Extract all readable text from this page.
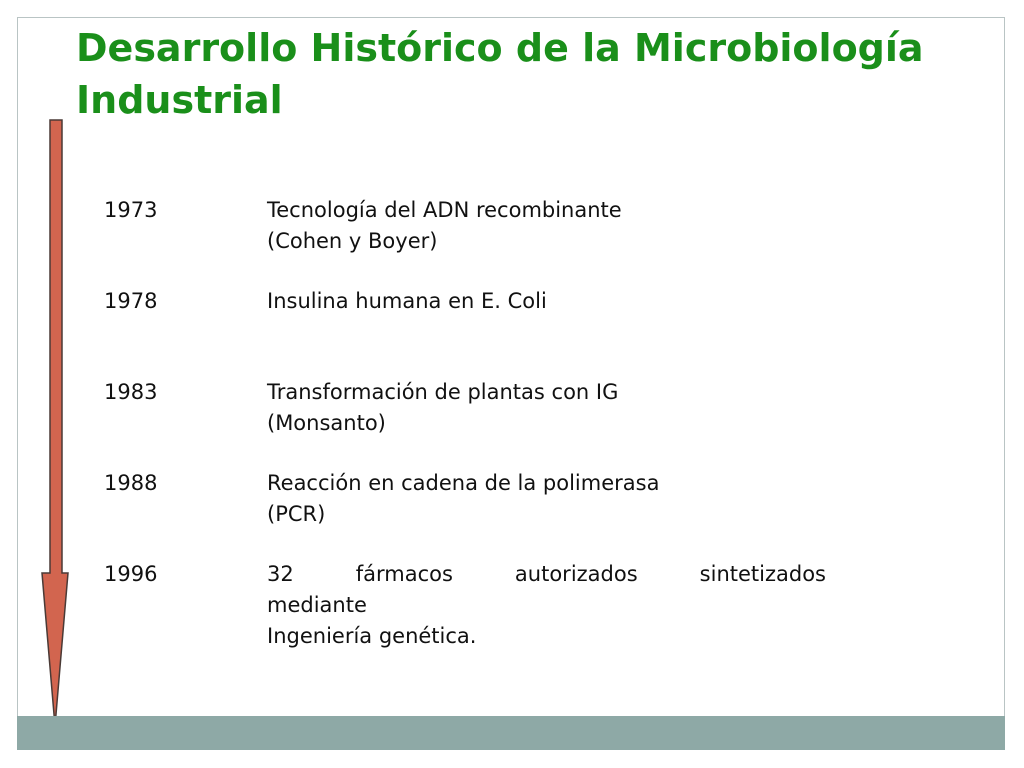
Desarrollo Histórico de la Microbiología Industrial
1973	Tecnología del ADN recombinante
(Cohen y Boyer)
1978	Insulina humana en E. Coli
1983	Transformación de plantas con IG
(Monsanto)
1988	Reacción en cadena de la polimerasa
(PCR)
1996	32 fármacos autorizados sintetizados
mediante
Ingeniería genética.
